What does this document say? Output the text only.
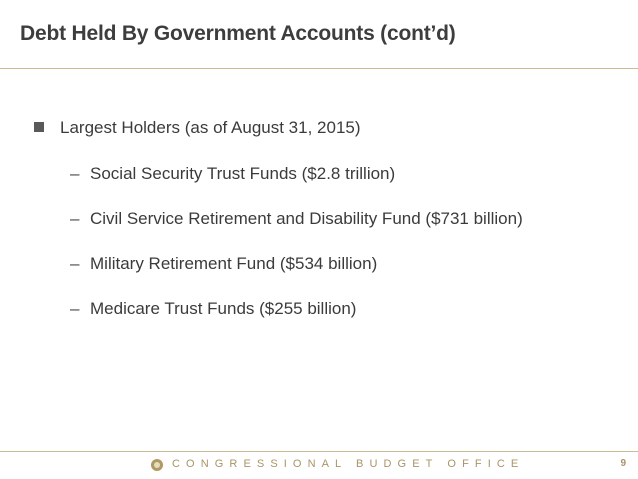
Debt Held By Government Accounts (cont’d)
Largest Holders (as of August 31, 2015)
– Social Security Trust Funds ($2.8 trillion)
– Civil Service Retirement and Disability Fund ($731 billion)
– Military Retirement Fund ($534 billion)
– Medicare Trust Funds ($255 billion)
CONGRESSIONAL BUDGET OFFICE	9
